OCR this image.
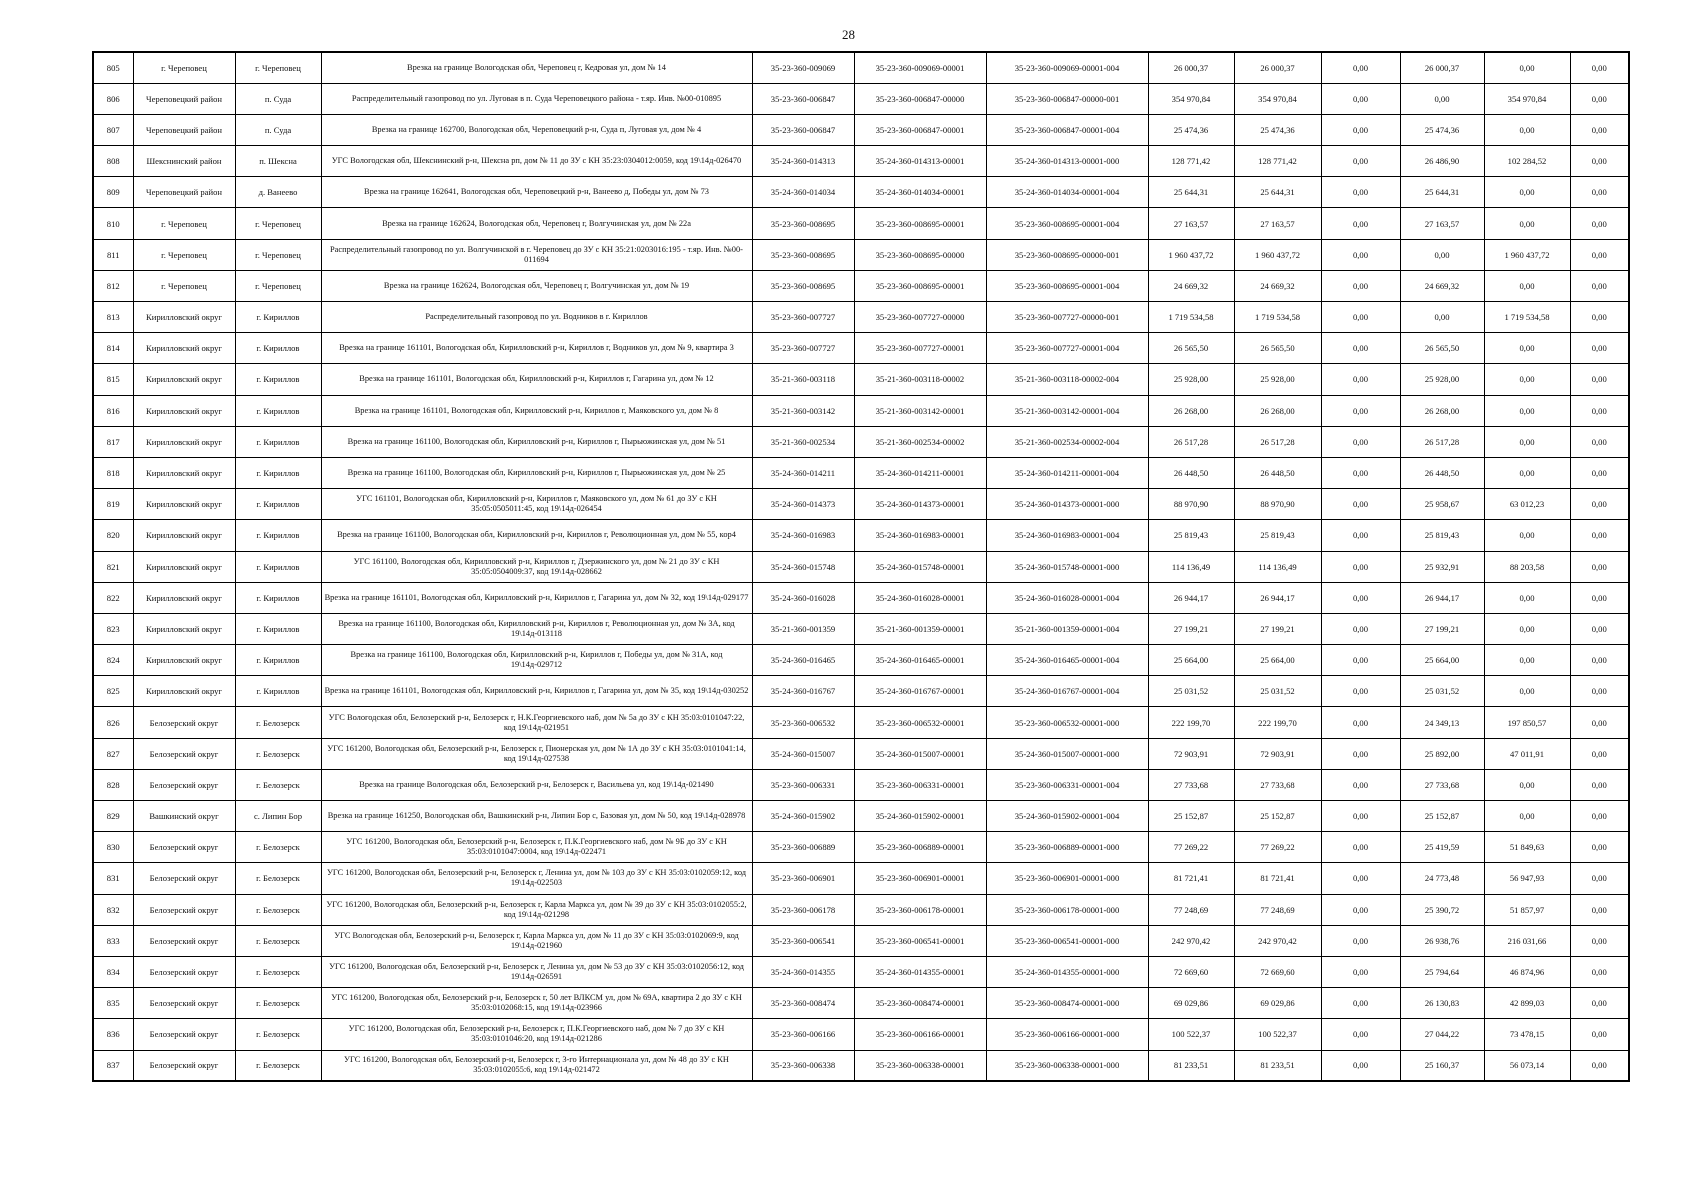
28
805	г. Череповец	г. Череповец	Врезка на границе Вологодская обл, Череповец г, Кедровая ул, дом № 14	35-23-360-009069	35-23-360-009069-00001	35-23-360-009069-00001-004	26 000,37	26 000,37	0,00	26 000,37	0,00	0,00
806	Череповецкий район	п. Суда	Распределительный газопровод по ул. Луговая в п. Суда Череповецкого района - т.яр. Инв. №00-010895	35-23-360-006847	35-23-360-006847-00000	35-23-360-006847-00000-001	354 970,84	354 970,84	0,00	0,00	354 970,84	0,00
807	Череповецкий район	п. Суда	Врезка на границе 162700, Вологодская обл, Череповецкий р-н, Суда п, Луговая ул, дом № 4	35-23-360-006847	35-23-360-006847-00001	35-23-360-006847-00001-004	25 474,36	25 474,36	0,00	25 474,36	0,00	0,00
808	Шекснинский район	п. Шексна	УГС Вологодская обл, Шекснинский р-н, Шексна рп, дом № 11 до ЗУ с КН 35:23:0304012:0059, код 19\14д-026470	35-24-360-014313	35-24-360-014313-00001	35-24-360-014313-00001-000	128 771,42	128 771,42	0,00	26 486,90	102 284,52	0,00
809	Череповецкий район	д. Ванеево	Врезка на границе 162641, Вологодская обл, Череповецкий р-н, Ванеево д, Победы ул, дом № 73	35-24-360-014034	35-24-360-014034-00001	35-24-360-014034-00001-004	25 644,31	25 644,31	0,00	25 644,31	0,00	0,00
810	г. Череповец	г. Череповец	Врезка на границе 162624, Вологодская обл, Череповец г, Волгучинская ул, дом № 22а	35-23-360-008695	35-23-360-008695-00001	35-23-360-008695-00001-004	27 163,57	27 163,57	0,00	27 163,57	0,00	0,00
811	г. Череповец	г. Череповец	Распределительный газопровод по ул. Волгучинской в г. Череповец до ЗУ с КН 35:21:0203016:195 - т.яр. Инв. №00-011694	35-23-360-008695	35-23-360-008695-00000	35-23-360-008695-00000-001	1 960 437,72	1 960 437,72	0,00	0,00	1 960 437,72	0,00
812	г. Череповец	г. Череповец	Врезка на границе 162624, Вологодская обл, Череповец г, Волгучинская ул, дом № 19	35-23-360-008695	35-23-360-008695-00001	35-23-360-008695-00001-004	24 669,32	24 669,32	0,00	24 669,32	0,00	0,00
813	Кирилловский округ	г. Кириллов	Распределительный газопровод по ул. Водников в г. Кириллов	35-23-360-007727	35-23-360-007727-00000	35-23-360-007727-00000-001	1 719 534,58	1 719 534,58	0,00	0,00	1 719 534,58	0,00
814	Кирилловский округ	г. Кириллов	Врезка на границе 161101, Вологодская обл, Кирилловский р-н, Кириллов г, Водников ул, дом № 9, квартира 3	35-23-360-007727	35-23-360-007727-00001	35-23-360-007727-00001-004	26 565,50	26 565,50	0,00	26 565,50	0,00	0,00
815	Кирилловский округ	г. Кириллов	Врезка на границе 161101, Вологодская обл, Кирилловский р-н, Кириллов г, Гагарина ул, дом № 12	35-21-360-003118	35-21-360-003118-00002	35-21-360-003118-00002-004	25 928,00	25 928,00	0,00	25 928,00	0,00	0,00
816	Кирилловский округ	г. Кириллов	Врезка на границе 161101, Вологодская обл, Кирилловский р-н, Кириллов г, Маяковского ул, дом № 8	35-21-360-003142	35-21-360-003142-00001	35-21-360-003142-00001-004	26 268,00	26 268,00	0,00	26 268,00	0,00	0,00
817	Кирилловский округ	г. Кириллов	Врезка на границе 161100, Вологодская обл, Кирилловский р-н, Кириллов г, Пырьюжинская ул, дом № 51	35-21-360-002534	35-21-360-002534-00002	35-21-360-002534-00002-004	26 517,28	26 517,28	0,00	26 517,28	0,00	0,00
818	Кирилловский округ	г. Кириллов	Врезка на границе 161100, Вологодская обл, Кирилловский р-н, Кириллов г, Пырьюжинская ул, дом № 25	35-24-360-014211	35-24-360-014211-00001	35-24-360-014211-00001-004	26 448,50	26 448,50	0,00	26 448,50	0,00	0,00
819	Кирилловский округ	г. Кириллов	УГС 161101, Вологодская обл, Кирилловский р-н, Кириллов г, Маяковского ул, дом № 61 до ЗУ с КН 35:05:0505011:45, код 19\14д-026454	35-24-360-014373	35-24-360-014373-00001	35-24-360-014373-00001-000	88 970,90	88 970,90	0,00	25 958,67	63 012,23	0,00
820	Кирилловский округ	г. Кириллов	Врезка на границе 161100, Вологодская обл, Кирилловский р-н, Кириллов г, Революционная ул, дом № 55, кор4	35-24-360-016983	35-24-360-016983-00001	35-24-360-016983-00001-004	25 819,43	25 819,43	0,00	25 819,43	0,00	0,00
821	Кирилловский округ	г. Кириллов	УГС 161100, Вологодская обл, Кирилловский р-н, Кириллов г, Дзержинского ул, дом № 21 до ЗУ с КН 35:05:0504009:37, код 19\14д-028662	35-24-360-015748	35-24-360-015748-00001	35-24-360-015748-00001-000	114 136,49	114 136,49	0,00	25 932,91	88 203,58	0,00
822	Кирилловский округ	г. Кириллов	Врезка на границе 161101, Вологодская обл, Кирилловский р-н, Кириллов г, Гагарина ул, дом № 32, код 19\14д-029177	35-24-360-016028	35-24-360-016028-00001	35-24-360-016028-00001-004	26 944,17	26 944,17	0,00	26 944,17	0,00	0,00
823	Кирилловский округ	г. Кириллов	Врезка на границе 161100, Вологодская обл, Кирилловский р-н, Кириллов г, Революционная ул, дом № 3А, код 19\14д-013118	35-21-360-001359	35-21-360-001359-00001	35-21-360-001359-00001-004	27 199,21	27 199,21	0,00	27 199,21	0,00	0,00
824	Кирилловский округ	г. Кириллов	Врезка на границе 161100, Вологодская обл, Кирилловский р-н, Кириллов г, Победы ул, дом № 31А, код 19\14д-029712	35-24-360-016465	35-24-360-016465-00001	35-24-360-016465-00001-004	25 664,00	25 664,00	0,00	25 664,00	0,00	0,00
825	Кирилловский округ	г. Кириллов	Врезка на границе 161101, Вологодская обл, Кирилловский р-н, Кириллов г, Гагарина ул, дом № 35, код 19\14д-030252	35-24-360-016767	35-24-360-016767-00001	35-24-360-016767-00001-004	25 031,52	25 031,52	0,00	25 031,52	0,00	0,00
826	Белозерский округ	г. Белозерск	УГС Вологодская обл, Белозерский р-н, Белозерск г, Н.К.Георгиевского наб, дом № 5а до ЗУ с КН 35:03:0101047:22, код 19\14д-021951	35-23-360-006532	35-23-360-006532-00001	35-23-360-006532-00001-000	222 199,70	222 199,70	0,00	24 349,13	197 850,57	0,00
827	Белозерский округ	г. Белозерск	УГС 161200, Вологодская обл, Белозерский р-н, Белозерск г, Пионерская ул, дом № 1А до ЗУ с КН 35:03:0101041:14, код 19\14д-027538	35-24-360-015007	35-24-360-015007-00001	35-24-360-015007-00001-000	72 903,91	72 903,91	0,00	25 892,00	47 011,91	0,00
828	Белозерский округ	г. Белозерск	Врезка на границе Вологодская обл, Белозерский р-н, Белозерск г, Васильева ул, код 19\14д-021490	35-23-360-006331	35-23-360-006331-00001	35-23-360-006331-00001-004	27 733,68	27 733,68	0,00	27 733,68	0,00	0,00
829	Вашкинский округ	с. Липин Бор	Врезка на границе 161250, Вологодская обл, Вашкинский р-н, Липин Бор с, Базовая ул, дом № 50, код 19\14д-028978	35-24-360-015902	35-24-360-015902-00001	35-24-360-015902-00001-004	25 152,87	25 152,87	0,00	25 152,87	0,00	0,00
830	Белозерский округ	г. Белозерск	УГС 161200, Вологодская обл, Белозерский р-н, Белозерск г, П.К.Георгиевского наб, дом № 9Б до ЗУ с КН 35:03:0101047:0004, код 19\14д-022471	35-23-360-006889	35-23-360-006889-00001	35-23-360-006889-00001-000	77 269,22	77 269,22	0,00	25 419,59	51 849,63	0,00
831	Белозерский округ	г. Белозерск	УГС 161200, Вологодская обл, Белозерский р-н, Белозерск г, Ленина ул, дом № 103 до ЗУ с КН 35:03:0102059:12, код 19\14д-022503	35-23-360-006901	35-23-360-006901-00001	35-23-360-006901-00001-000	81 721,41	81 721,41	0,00	24 773,48	56 947,93	0,00
832	Белозерский округ	г. Белозерск	УГС 161200, Вологодская обл, Белозерский р-н, Белозерск г, Карла Маркса ул, дом № 39 до ЗУ с КН 35:03:0102055:2, код 19\14д-021298	35-23-360-006178	35-23-360-006178-00001	35-23-360-006178-00001-000	77 248,69	77 248,69	0,00	25 390,72	51 857,97	0,00
833	Белозерский округ	г. Белозерск	УГС Вологодская обл, Белозерский р-н, Белозерск г, Карла Маркса ул, дом № 11 до ЗУ с КН 35:03:0102069:9, код 19\14д-021960	35-23-360-006541	35-23-360-006541-00001	35-23-360-006541-00001-000	242 970,42	242 970,42	0,00	26 938,76	216 031,66	0,00
834	Белозерский округ	г. Белозерск	УГС 161200, Вологодская обл, Белозерский р-н, Белозерск г, Ленина ул, дом № 53 до ЗУ с КН 35:03:0102056:12, код 19\14д-026591	35-24-360-014355	35-24-360-014355-00001	35-24-360-014355-00001-000	72 669,60	72 669,60	0,00	25 794,64	46 874,96	0,00
835	Белозерский округ	г. Белозерск	УГС 161200, Вологодская обл, Белозерский р-н, Белозерск г, 50 лет ВЛКСМ ул, дом № 69А, квартира 2 до ЗУ с КН 35:03:0102068:15, код 19\14д-023966	35-23-360-008474	35-23-360-008474-00001	35-23-360-008474-00001-000	69 029,86	69 029,86	0,00	26 130,83	42 899,03	0,00
836	Белозерский округ	г. Белозерск	УГС 161200, Вологодская обл, Белозерский р-н, Белозерск г, П.К.Георгиевского наб, дом № 7 до ЗУ с КН 35:03:0101046:20, код 19\14д-021286	35-23-360-006166	35-23-360-006166-00001	35-23-360-006166-00001-000	100 522,37	100 522,37	0,00	27 044,22	73 478,15	0,00
837	Белозерский округ	г. Белозерск	УГС 161200, Вологодская обл, Белозерский р-н, Белозерск г, 3-го Интернационала ул, дом № 48 до ЗУ с КН 35:03:0102055:6, код 19\14д-021472	35-23-360-006338	35-23-360-006338-00001	35-23-360-006338-00001-000	81 233,51	81 233,51	0,00	25 160,37	56 073,14	0,00
